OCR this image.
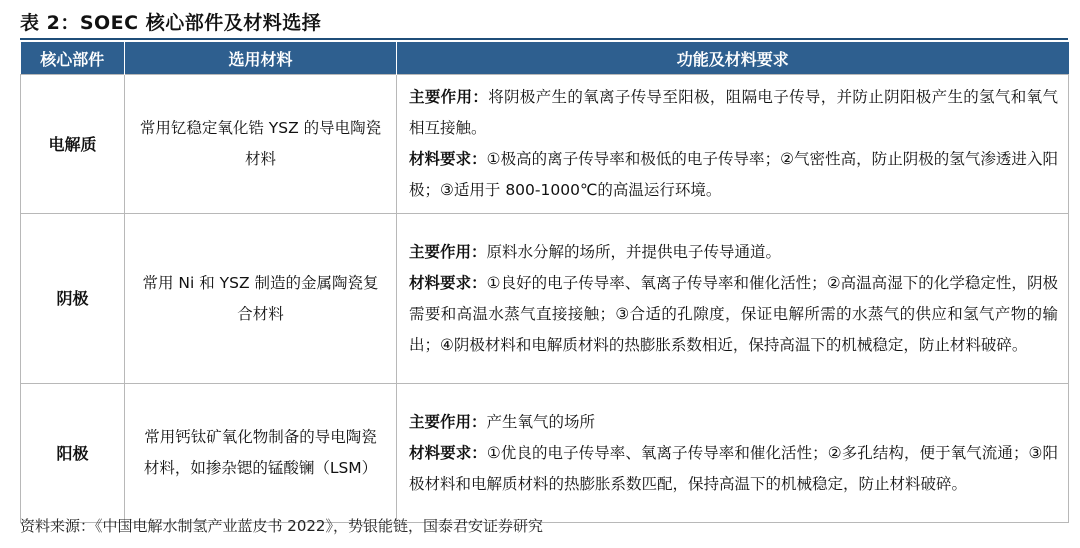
表 2：SOEC 核心部件及材料选择
核心部件	选用材料	功能及材料要求
电解质	常用钇稳定氧化锆 YSZ 的导电陶瓷材料	主要作用：将阴极产生的氧离子传导至阳极，阻隔电子传导，并防止阴阳极产生的氢气和氧气相互接触。
材料要求：①极高的离子传导率和极低的电子传导率；②气密性高，防止阴极的氢气渗透进入阳极；③适用于 800-1000℃的高温运行环境。

阴极	常用 Ni 和 YSZ 制造的金属陶瓷复合材料	主要作用：原料水分解的场所，并提供电子传导通道。
材料要求：①良好的电子传导率、氧离子传导率和催化活性；②高温高湿下的化学稳定性，阴极需要和高温水蒸气直接接触；③合适的孔隙度，保证电解所需的水蒸气的供应和氢气产物的输出；④阴极材料和电解质材料的热膨胀系数相近，保持高温下的机械稳定，防止材料破碎。

阳极	常用钙钛矿氧化物制备的导电陶瓷材料，如掺杂锶的锰酸镧（LSM）	主要作用：产生氧气的场所
材料要求：①优良的电子传导率、氧离子传导率和催化活性；②多孔结构，便于氧气流通；③阳极材料和电解质材料的热膨胀系数匹配，保持高温下的机械稳定，防止材料破碎。
资料来源：《中国电解水制氢产业蓝皮书 2022》，势银能链，国泰君安证券研究
